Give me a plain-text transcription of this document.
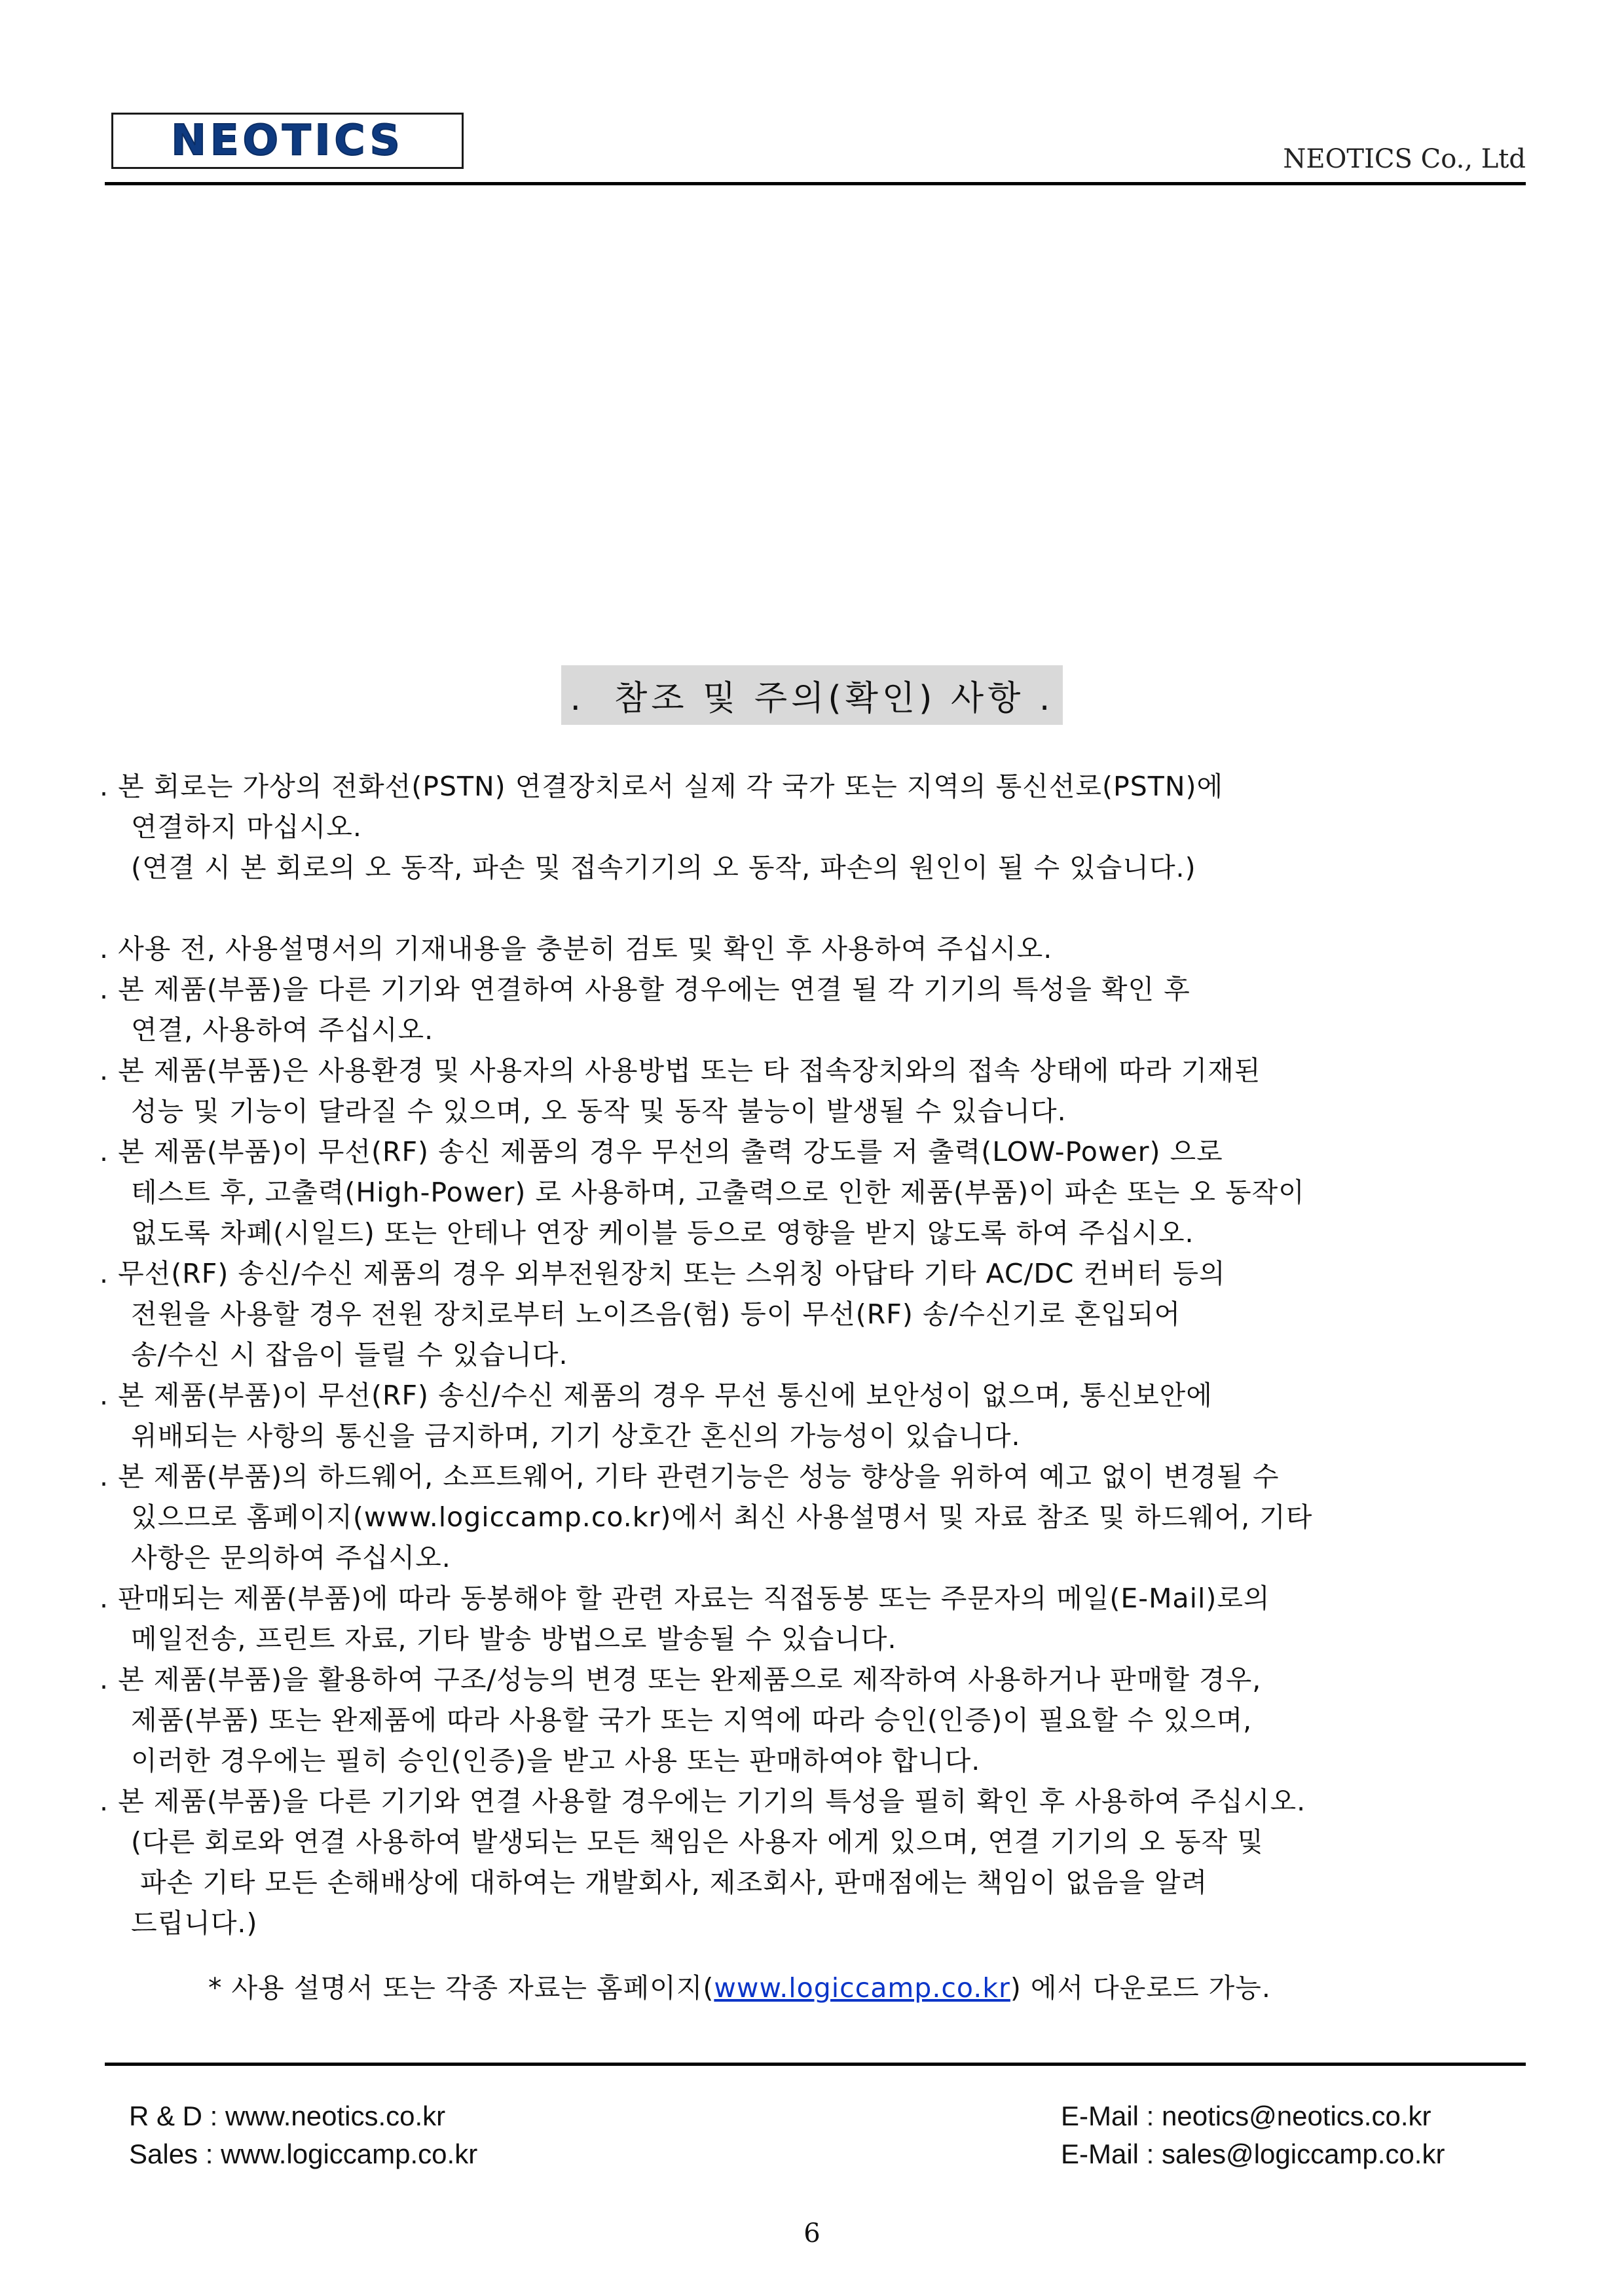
NEOTICS	NEOTICS Co., Ltd
.  참조 및 주의(확인) 사항 .
. 본 회로는 가상의 전화선(PSTN) 연결장치로서 실제 각 국가 또는 지역의 통신선로(PSTN)에
연결하지 마십시오.
(연결 시 본 회로의 오 동작, 파손 및 접속기기의 오 동작, 파손의 원인이 될 수 있습니다.)
. 사용 전, 사용설명서의 기재내용을 충분히 검토 및 확인 후 사용하여 주십시오.
. 본 제품(부품)을 다른 기기와 연결하여 사용할 경우에는 연결 될 각 기기의 특성을 확인 후
연결, 사용하여 주십시오.
. 본 제품(부품)은 사용환경 및 사용자의 사용방법 또는 타 접속장치와의 접속 상태에 따라 기재된
성능 및 기능이 달라질 수 있으며, 오 동작 및 동작 불능이 발생될 수 있습니다.
. 본 제품(부품)이 무선(RF) 송신 제품의 경우 무선의 출력 강도를 저 출력(LOW-Power) 으로
테스트 후, 고출력(High-Power) 로 사용하며, 고출력으로 인한 제품(부품)이 파손 또는 오 동작이
없도록 차폐(시일드) 또는 안테나 연장 케이블 등으로 영향을 받지 않도록 하여 주십시오.
. 무선(RF) 송신/수신 제품의 경우 외부전원장치 또는 스위칭 아답타 기타 AC/DC 컨버터 등의
전원을 사용할 경우 전원 장치로부터 노이즈음(험) 등이 무선(RF) 송/수신기로 혼입되어
송/수신 시 잡음이 들릴 수 있습니다.
. 본 제품(부품)이 무선(RF) 송신/수신 제품의 경우 무선 통신에 보안성이 없으며, 통신보안에
위배되는 사항의 통신을 금지하며, 기기 상호간 혼신의 가능성이 있습니다.
. 본 제품(부품)의 하드웨어, 소프트웨어, 기타 관련기능은 성능 향상을 위하여 예고 없이 변경될 수
있으므로 홈페이지(www.logiccamp.co.kr)에서 최신 사용설명서 및 자료 참조 및 하드웨어, 기타
사항은 문의하여 주십시오.
. 판매되는 제품(부품)에 따라 동봉해야 할 관련 자료는 직접동봉 또는 주문자의 메일(E-Mail)로의
메일전송, 프린트 자료, 기타 발송 방법으로 발송될 수 있습니다.
. 본 제품(부품)을 활용하여 구조/성능의 변경 또는 완제품으로 제작하여 사용하거나 판매할 경우,
제품(부품) 또는 완제품에 따라 사용할 국가 또는 지역에 따라 승인(인증)이 필요할 수 있으며,
이러한 경우에는 필히 승인(인증)을 받고 사용 또는 판매하여야 합니다.
. 본 제품(부품)을 다른 기기와 연결 사용할 경우에는 기기의 특성을 필히 확인 후 사용하여 주십시오.
(다른 회로와 연결 사용하여 발생되는 모든 책임은 사용자 에게 있으며, 연결 기기의 오 동작 및
파손 기타 모든 손해배상에 대하여는 개발회사, 제조회사, 판매점에는 책임이 없음을 알려
드립니다.)
* 사용 설명서 또는 각종 자료는 홈페이지(www.logiccamp.co.kr) 에서 다운로드 가능.
R & D : www.neotics.co.kr
Sales : www.logiccamp.co.kr
E-Mail : neotics@neotics.co.kr
E-Mail : sales@logiccamp.co.kr
6
